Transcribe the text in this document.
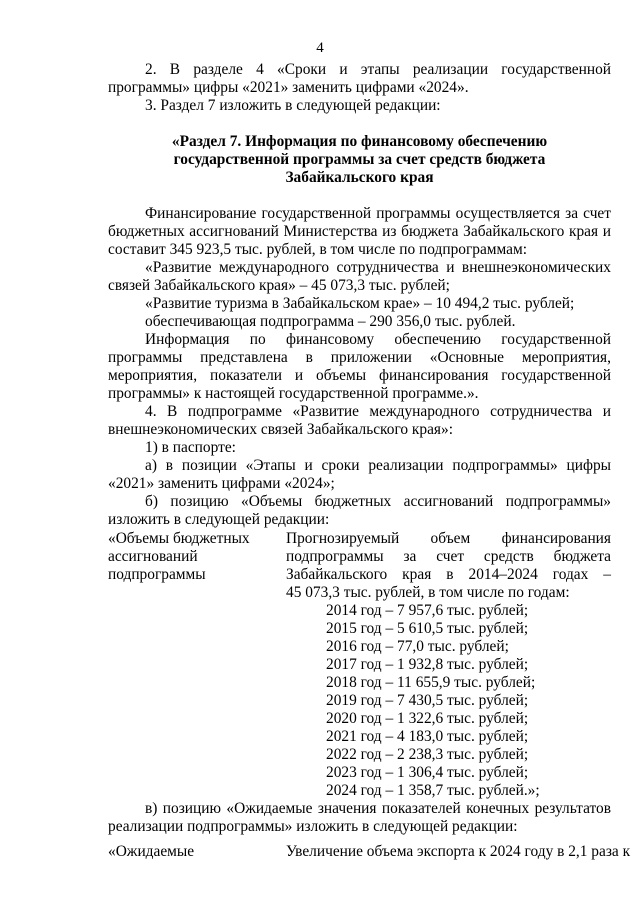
4
2. В разделе 4 «Сроки и этапы реализации государственной
программы» цифры «2021» заменить цифрами «2024».
3. Раздел 7 изложить в следующей редакции:
«Раздел 7. Информация по финансовому обеспечению
государственной программы за счет средств бюджета
Забайкальского края
Финансирование государственной программы осуществляется за счет
бюджетных ассигнований Министерства из бюджета Забайкальского края и
составит 345 923,5 тыс. рублей, в том числе по подпрограммам:
«Развитие международного сотрудничества и внешнеэкономических
связей Забайкальского края» – 45 073,3 тыс. рублей;
«Развитие туризма в Забайкальском крае» – 10 494,2 тыс. рублей;
обеспечивающая подпрограмма – 290 356,0 тыс. рублей.
Информация по финансовому обеспечению государственной
программы представлена в приложении «Основные мероприятия,
мероприятия, показатели и объемы финансирования государственной
программы» к настоящей государственной программе.».
4. В подпрограмме «Развитие международного сотрудничества и
внешнеэкономических связей Забайкальского края»:
1) в паспорте:
а) в позиции «Этапы и сроки реализации подпрограммы» цифры
«2021» заменить цифрами «2024»;
б) позицию «Объемы бюджетных ассигнований подпрограммы»
изложить в следующей редакции:
«Объемы бюджетных
ассигнований
подпрограммы
Прогнозируемый объем финансирования
подпрограммы за счет средств бюджета
Забайкальского края в 2014–2024 годах –
45 073,3 тыс. рублей, в том числе по годам:
2014 год – 7 957,6 тыс. рублей;
2015 год – 5 610,5 тыс. рублей;
2016 год – 77,0 тыс. рублей;
2017 год – 1 932,8 тыс. рублей;
2018 год – 11 655,9 тыс. рублей;
2019 год – 7 430,5 тыс. рублей;
2020 год – 1 322,6 тыс. рублей;
2021 год – 4 183,0 тыс. рублей;
2022 год – 2 238,3 тыс. рублей;
2023 год – 1 306,4 тыс. рублей;
2024 год – 1 358,7 тыс. рублей.»;
в) позицию «Ожидаемые значения показателей конечных результатов
реализации подпрограммы» изложить в следующей редакции:
«Ожидаемые	Увеличение объема экспорта к 2024 году в 2,1 раза к
